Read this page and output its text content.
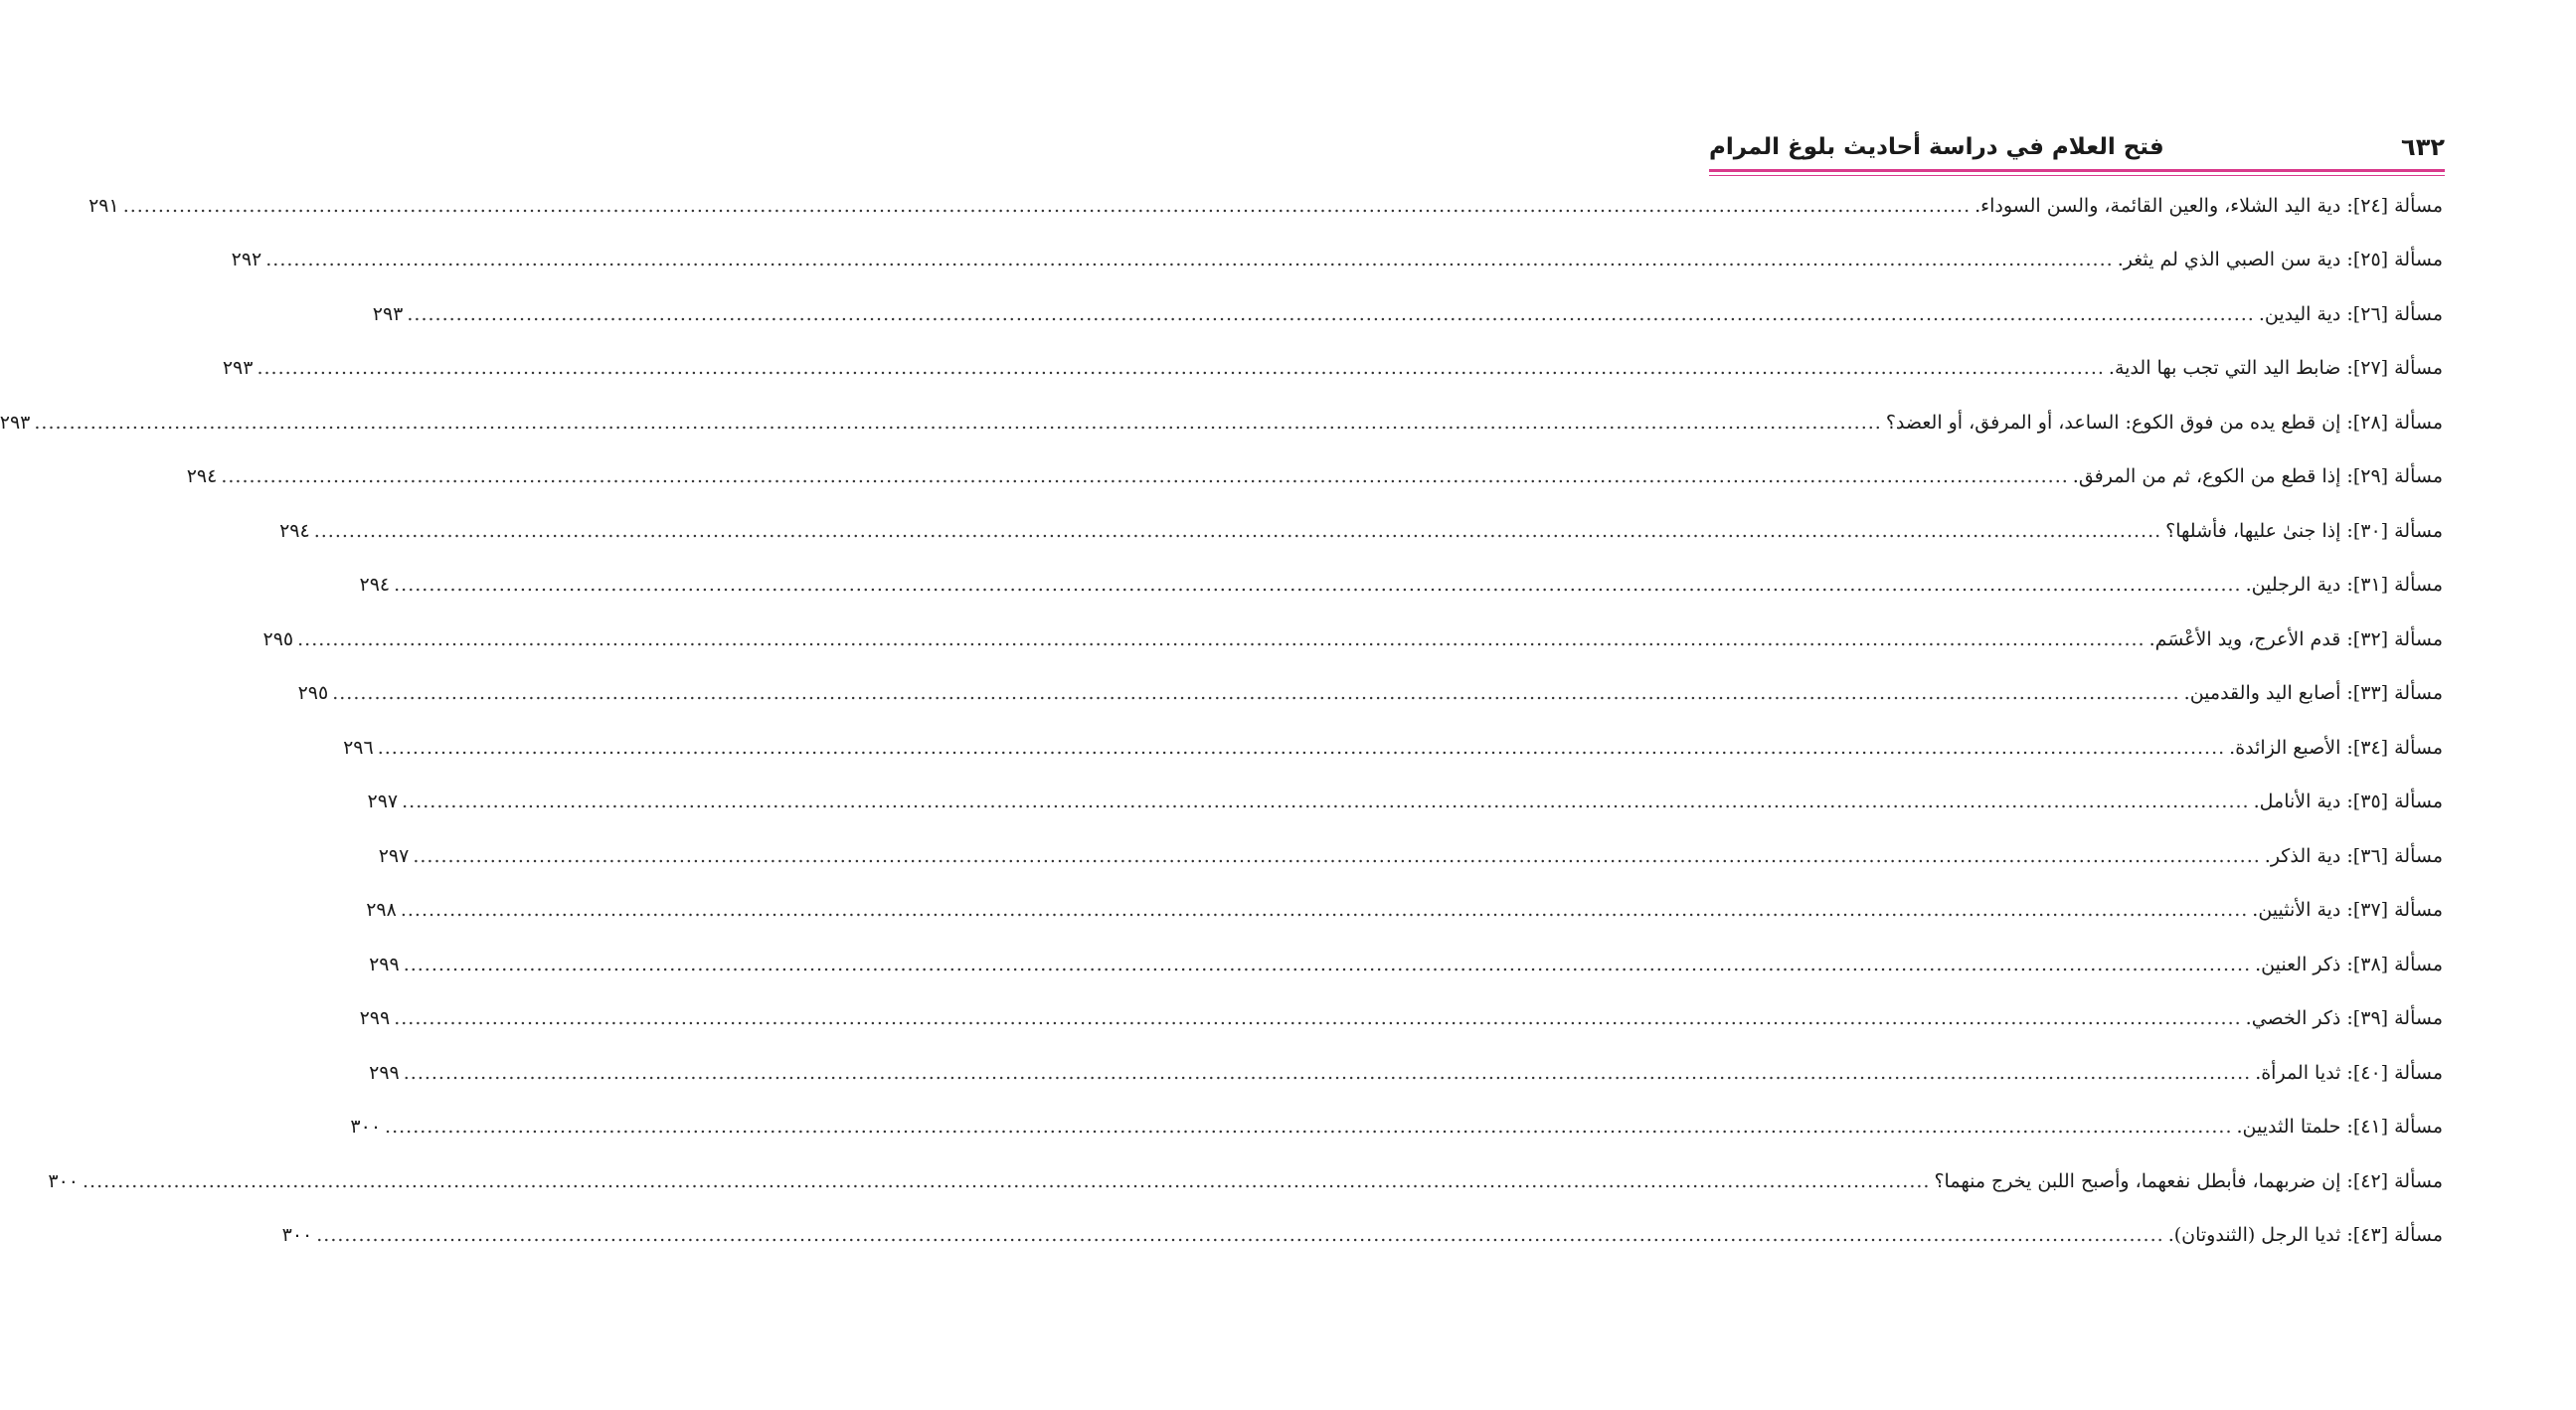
٦٣٢
فتح العلام في دراسة أحاديث بلوغ المرام
مسألة [٢٤]: دية اليد الشلاء، والعين القائمة، والسن السوداء.
.....
٢٩١
مسألة [٢٥]: دية سن الصبي الذي لم يثغر.
.....
٢٩٢
مسألة [٢٦]: دية اليدين.
.....
٢٩٣
مسألة [٢٧]: ضابط اليد التي تجب بها الدية.
.....
٢٩٣
مسألة [٢٨]: إن قطع يده من فوق الكوع: الساعد، أو المرفق، أو العضد؟
.....
٢٩٣
مسألة [٢٩]: إذا قطع من الكوع، ثم من المرفق.
.....
٢٩٤
مسألة [٣٠]: إذا جنىٰ عليها، فأشلها؟
.....
٢٩٤
مسألة [٣١]: دية الرجلين.
.....
٢٩٤
مسألة [٣٢]: قدم الأعرج، ويد الأعْسَم.
.....
٢٩٥
مسألة [٣٣]: أصابع اليد والقدمين.
.....
٢٩٥
مسألة [٣٤]: الأصبع الزائدة.
.....
٢٩٦
مسألة [٣٥]: دية الأنامل.
.....
٢٩٧
مسألة [٣٦]: دية الذكر.
.....
٢٩٧
مسألة [٣٧]: دية الأنثيين.
.....
٢٩٨
مسألة [٣٨]: ذكر العنين.
.....
٢٩٩
مسألة [٣٩]: ذكر الخصي.
.....
٢٩٩
مسألة [٤٠]: ثديا المرأة.
.....
٢٩٩
مسألة [٤١]: حلمتا الثديين.
.....
٣٠٠
مسألة [٤٢]: إن ضربهما، فأبطل نفعهما، وأصبح اللبن يخرج منهما؟
.....
٣٠٠
مسألة [٤٣]: ثديا الرجل (الثندوتان).
.....
٣٠٠
